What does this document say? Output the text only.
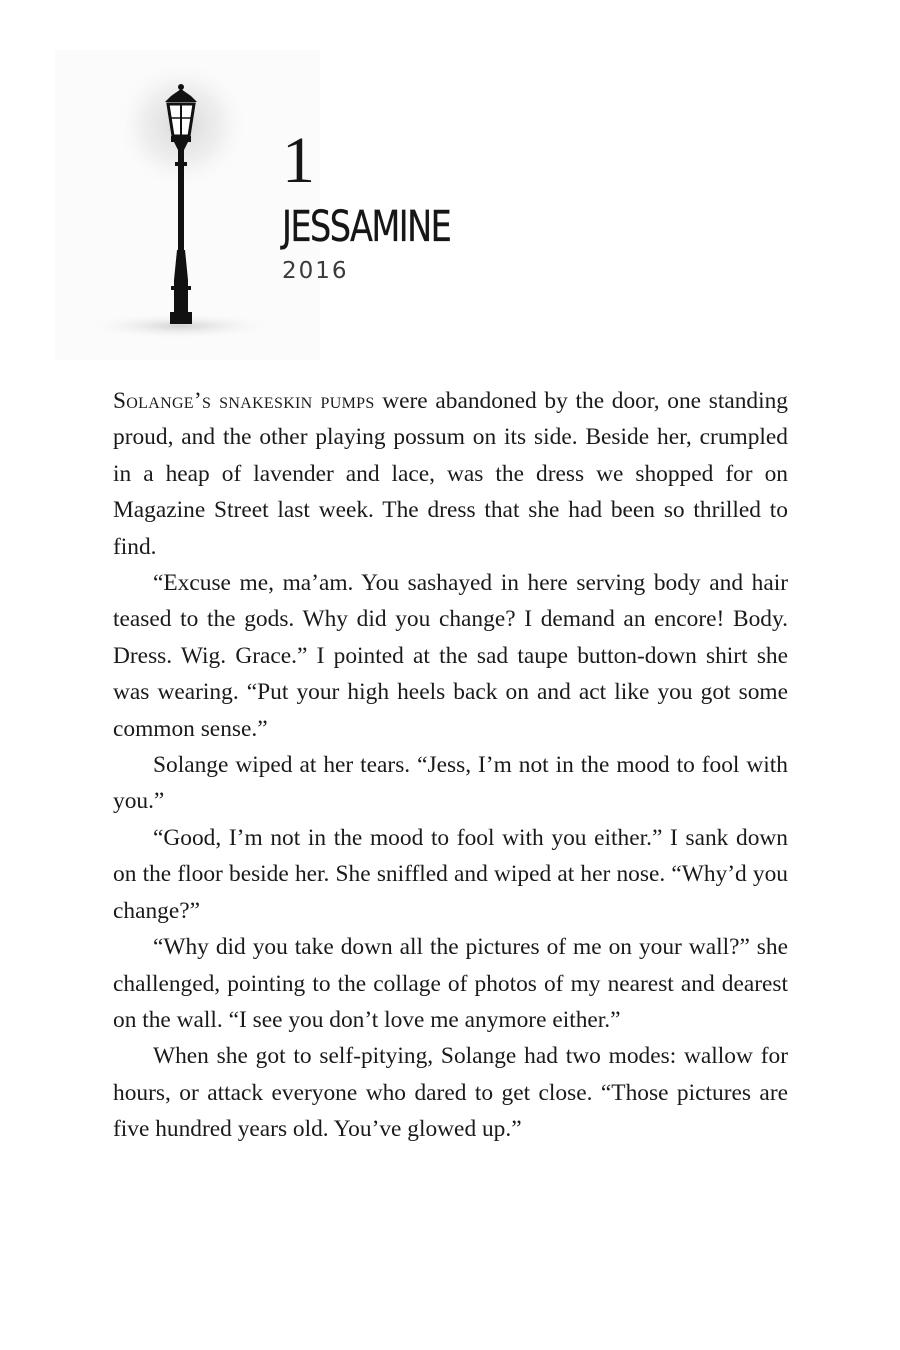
1
JESSAMINE
2016

Solange’s snakeskin pumps were abandoned by the door, one standing proud, and the other playing possum on its side. Beside her, crumpled in a heap of lavender and lace, was the dress we shopped for on Magazine Street last week. The dress that she had been so thrilled to find.

“Excuse me, ma’am. You sashayed in here serving body and hair teased to the gods. Why did you change? I demand an encore! Body. Dress. Wig. Grace.” I pointed at the sad taupe button-down shirt she was wearing. “Put your high heels back on and act like you got some common sense.”

Solange wiped at her tears. “Jess, I’m not in the mood to fool with you.”

“Good, I’m not in the mood to fool with you either.” I sank down on the floor beside her. She sniffled and wiped at her nose. “Why’d you change?”

“Why did you take down all the pictures of me on your wall?” she challenged, pointing to the collage of photos of my nearest and dearest on the wall. “I see you don’t love me anymore either.”

When she got to self-pitying, Solange had two modes: wallow for hours, or attack everyone who dared to get close. “Those pictures are five hundred years old. You’ve glowed up.”
